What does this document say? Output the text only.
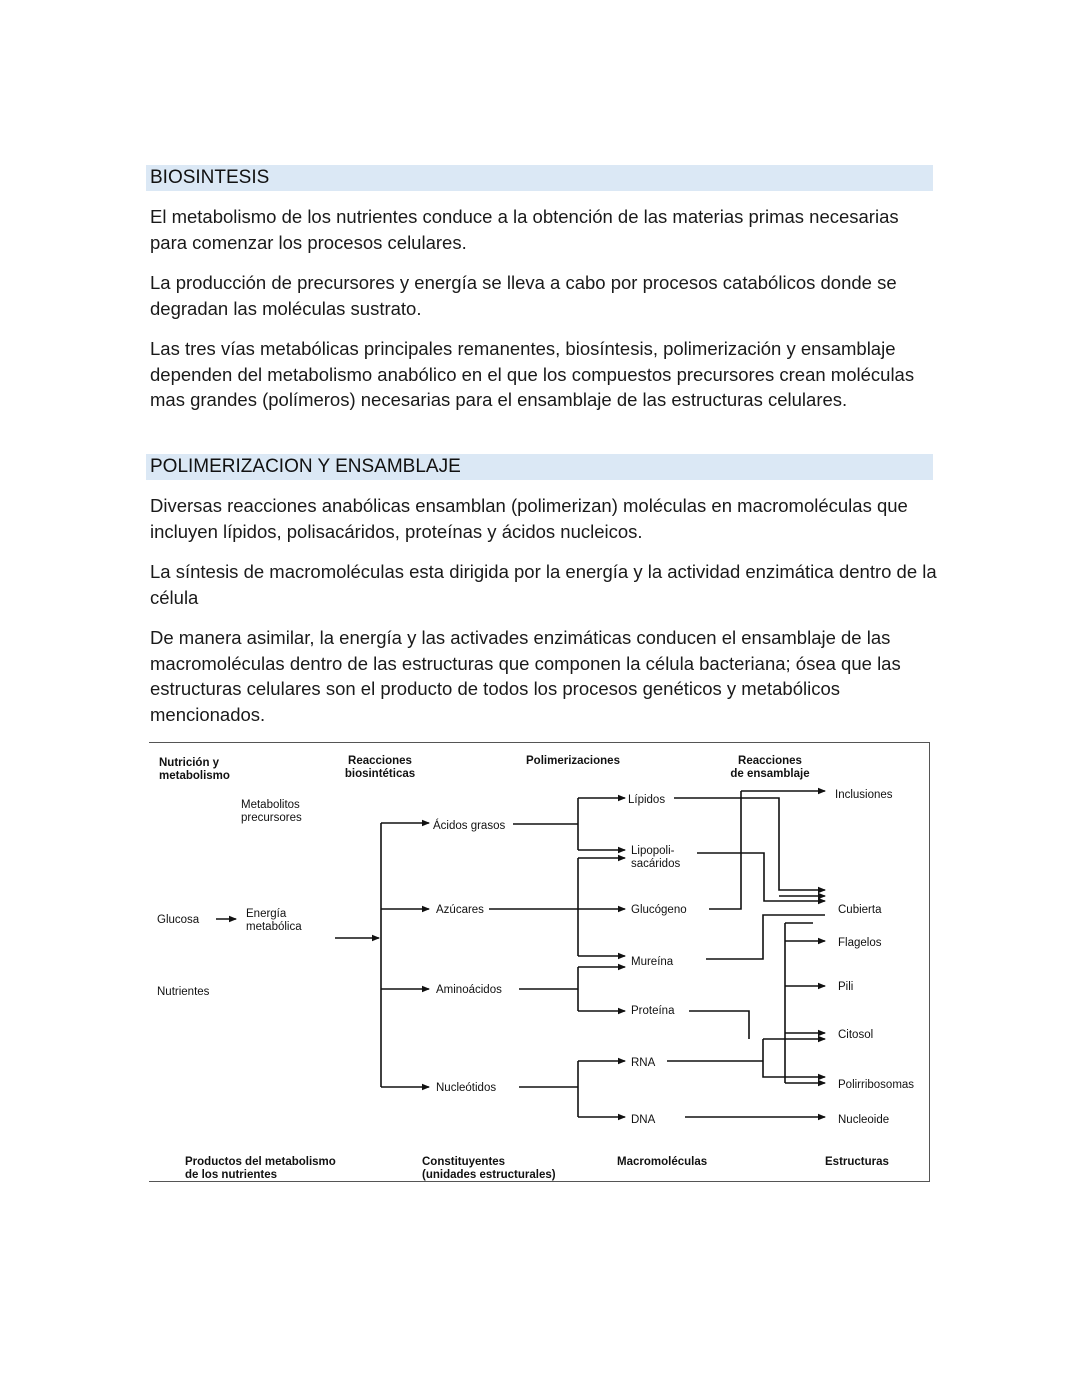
BIOSINTESIS

El metabolismo de los nutrientes conduce a la obtención de las materias primas necesarias para comenzar los procesos celulares.

La producción de precursores y energía se lleva a cabo por procesos catabólicos donde se degradan las moléculas sustrato.

Las tres vías metabólicas principales remanentes, biosíntesis, polimerización y ensamblaje dependen del metabolismo anabólico en el que los compuestos precursores crean moléculas mas grandes (polímeros) necesarias para el ensamblaje de las estructuras celulares.

POLIMERIZACION Y ENSAMBLAJE

Diversas reacciones anabólicas ensamblan (polimerizan) moléculas en macromoléculas que incluyen lípidos, polisacáridos, proteínas y ácidos nucleicos.

La síntesis de macromoléculas esta dirigida por la energía y la actividad enzimática dentro de la célula

De manera asimilar, la energía y las activades enzimáticas conducen el ensamblaje de las macromoléculas dentro de las estructuras que componen la célula bacteriana; ósea que las estructuras celulares son el producto de todos los procesos genéticos y metabólicos mencionados.

Nutrición y metabolismo
Reacciones biosintéticas
Polimerizaciones	Reacciones de ensamblaje
Metabolitos precursores
Glucosa	Energía metabólica
Nutrientes
Ácidos grasos
Azúcares
Aminoácidos
Nucleótidos
Lípidos
Lipopoli-sacáridos
Glucógeno
Mureína
Proteína
RNA
DNA
Inclusiones
Cubierta
Flagelos
Pili
Citosol
Polirribosomas
Nucleoide
Productos del metabolismo de los nutrientes
Constituyentes (unidades estructurales)
Macromoléculas	Estructuras
